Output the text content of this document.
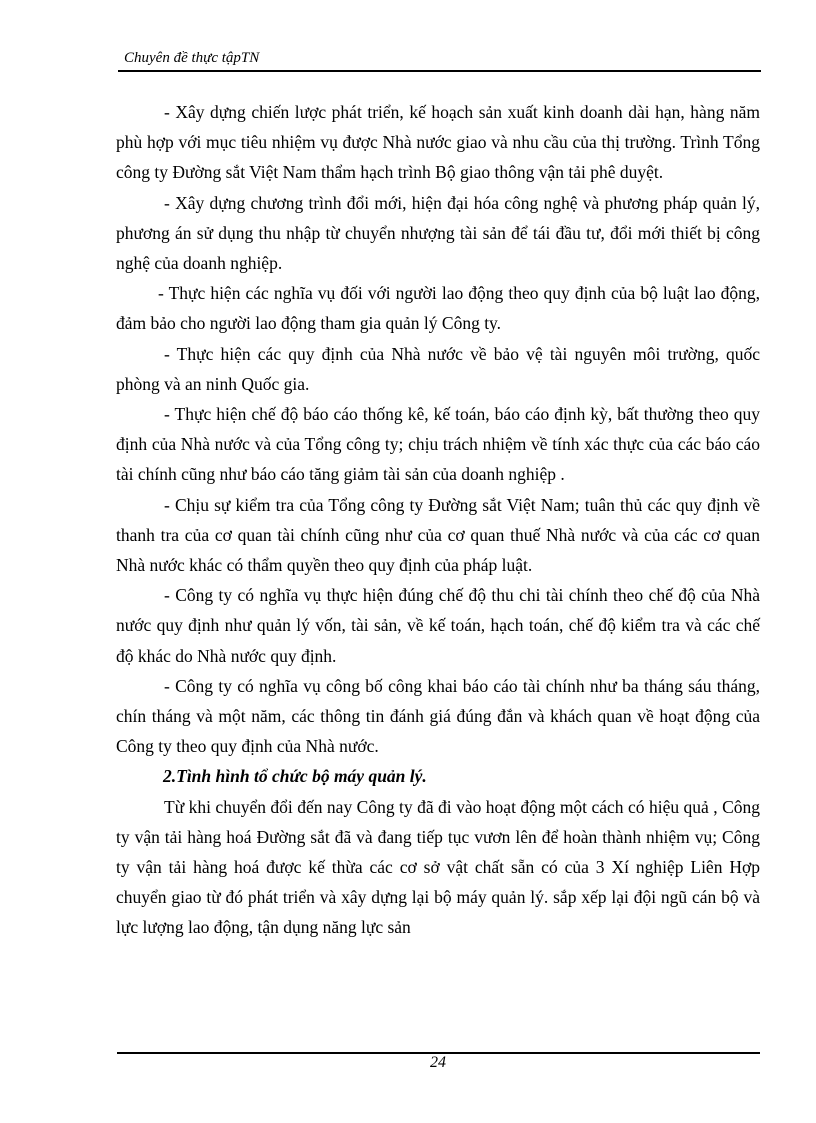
Chuyên đề thực tậpTN

- Xây dựng chiến lược phát triển, kế hoạch sản xuất kinh doanh dài hạn, hàng năm phù hợp với mục tiêu nhiệm vụ được Nhà nước giao và nhu cầu của thị trường. Trình Tổng công ty Đường sắt Việt Nam thẩm hạch trình Bộ giao thông vận tải phê duyệt.

- Xây dựng chương trình đổi mới, hiện đại hóa công nghệ và phương pháp quản lý, phương án sử dụng thu nhập từ chuyển nhượng tài sản để tái đầu tư, đổi mới thiết bị công nghệ của doanh nghiệp.

- Thực hiện các nghĩa vụ đối với người lao động theo quy định của bộ luật lao động, đảm bảo cho người lao động tham gia quản lý Công ty.

- Thực hiện các quy định của Nhà nước về bảo vệ tài nguyên môi trường, quốc phòng và an ninh Quốc gia.

- Thực hiện chế độ báo cáo thống kê, kế toán, báo cáo định kỳ, bất thường theo quy định của Nhà nước và của Tổng công ty; chịu trách nhiệm về tính xác thực của các báo cáo tài chính cũng như báo cáo tăng giảm tài sản của doanh nghiệp .

- Chịu sự kiểm tra của Tổng công ty Đường sắt Việt Nam; tuân thủ các quy định về thanh tra của cơ quan tài chính cũng như của cơ quan thuế Nhà nước và của các cơ quan Nhà nước khác có thẩm quyền theo quy định của pháp luật.

- Công ty có nghĩa vụ thực hiện đúng chế độ thu chi tài chính theo chế độ của Nhà nước quy định như quản lý vốn, tài sản, về kế toán, hạch toán, chế độ kiểm tra và các chế độ khác do Nhà nước quy định.

- Công ty có nghĩa vụ công bố công khai báo cáo tài chính như ba tháng sáu tháng, chín tháng và một năm, các thông tin đánh giá đúng đắn và khách quan về hoạt động của Công ty theo quy định của Nhà nước.

2.Tình hình tổ chức bộ máy quản lý.

Từ khi chuyển đổi đến nay Công ty đã đi vào hoạt động một cách có hiệu quả , Công ty vận tải hàng hoá Đường sắt đã và đang tiếp tục vươn lên để hoàn thành nhiệm vụ; Công ty vận tải hàng hoá được kế thừa các cơ sở vật chất sẵn có của 3 Xí nghiệp Liên Hợp chuyển giao từ đó phát triển và xây dựng lại bộ máy quản lý. sắp xếp lại đội ngũ cán bộ và lực lượng lao động, tận dụng năng lực sản

24
